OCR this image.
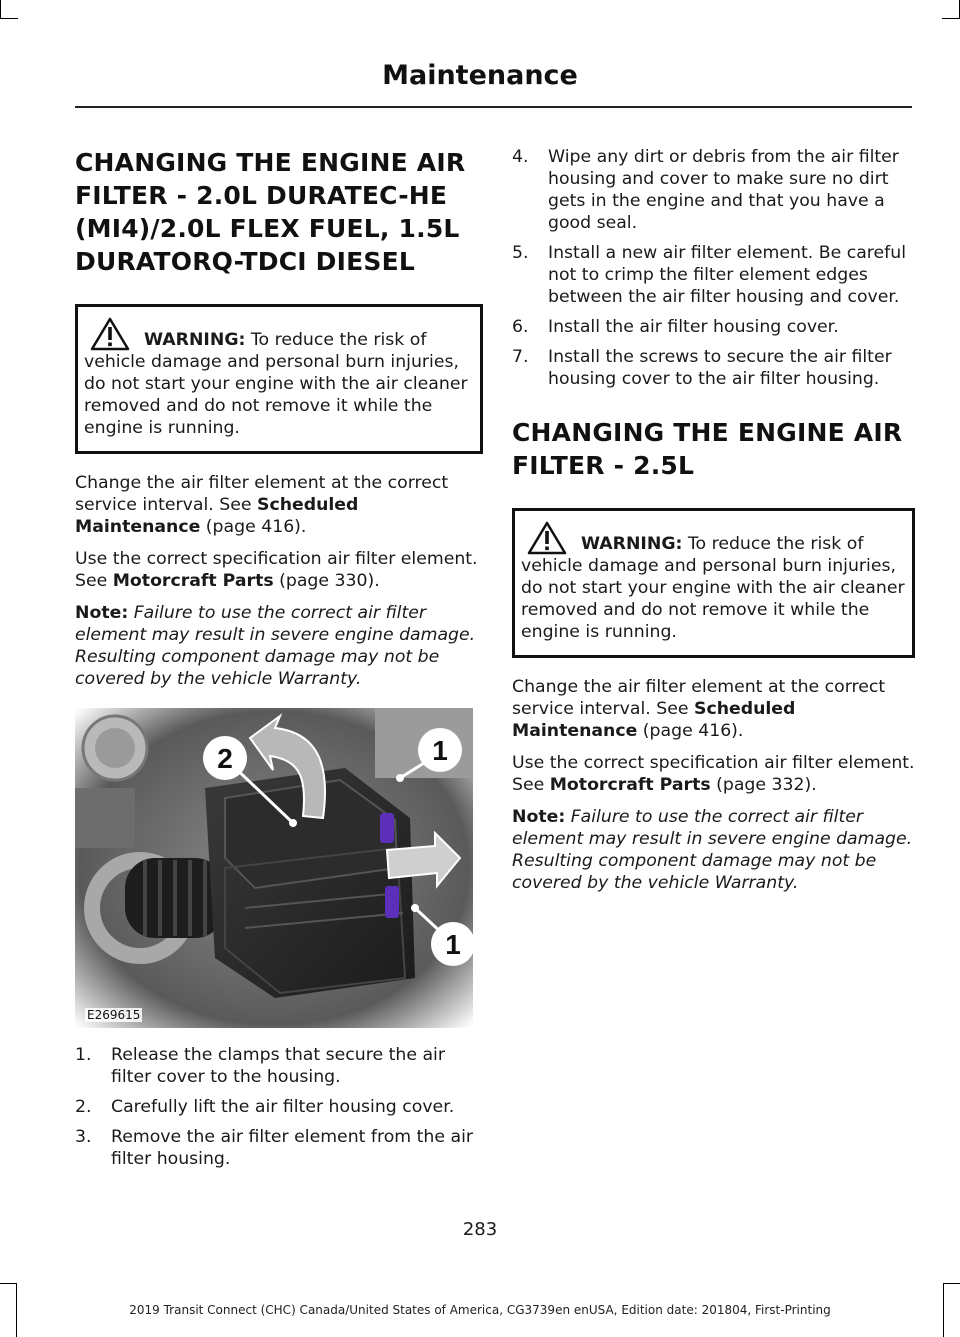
Maintenance
CHANGING THE ENGINE AIR FILTER - 2.0L DURATEC-HE (MI4)/2.0L FLEX FUEL, 1.5L DURATORQ-TDCI DIESEL
WARNING: To reduce the risk of
vehicle damage and personal burn injuries, do not start your engine with the air cleaner removed and do not remove it while the engine is running.

Change the air filter element at the correct service interval. See Scheduled Maintenance (page 416).

Use the correct specification air filter element. See Motorcraft Parts (page 330).

Note: Failure to use the correct air filter element may result in severe engine damage. Resulting component damage may not be covered by the vehicle Warranty.

2	1
1
E269615
1.	Release the clamps that secure the air filter cover to the housing.
2.	Carefully lift the air filter housing cover.
3.	Remove the air filter element from the air filter housing.
4.	Wipe any dirt or debris from the air filter housing and cover to make sure no dirt gets in the engine and that you have a good seal.
5.	Install a new air filter element. Be careful not to crimp the filter element edges between the air filter housing and cover.
6.	Install the air filter housing cover.
7.	Install the screws to secure the air filter housing cover to the air filter housing.
CHANGING THE ENGINE AIR FILTER - 2.5L
WARNING: To reduce the risk of
vehicle damage and personal burn injuries, do not start your engine with the air cleaner removed and do not remove it while the engine is running.

Change the air filter element at the correct service interval. See Scheduled Maintenance (page 416).

Use the correct specification air filter element. See Motorcraft Parts (page 332).

Note: Failure to use the correct air filter element may result in severe engine damage. Resulting component damage may not be covered by the vehicle Warranty.

283
2019 Transit Connect (CHC) Canada/United States of America, CG3739en enUSA, Edition date: 201804, First-Printing
